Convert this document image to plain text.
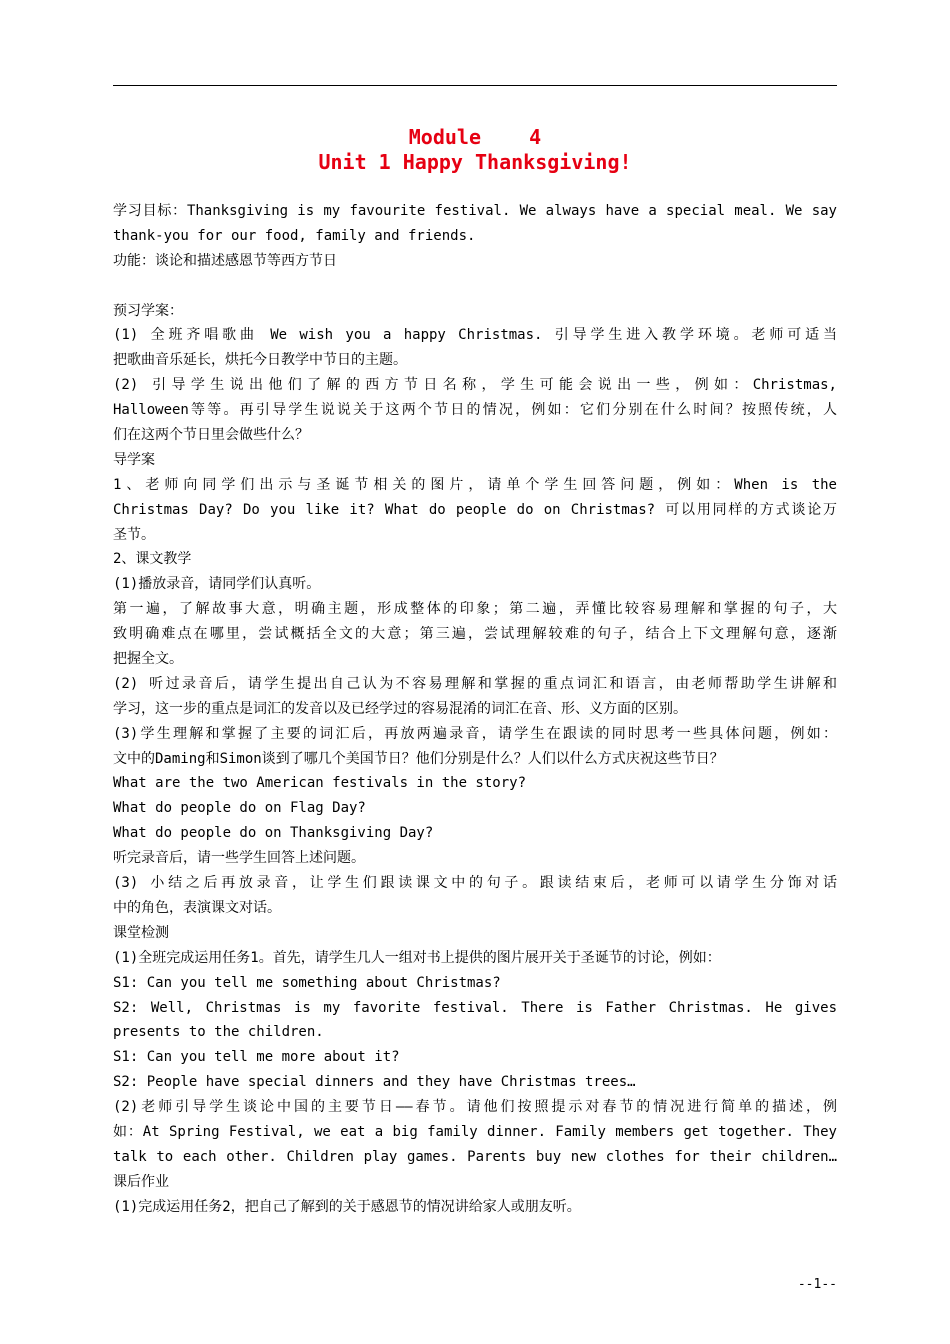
Module    4
Unit 1 Happy Thanksgiving!
学习目标：Thanksgiving is my favourite festival. We always have a special meal. We say
thank-you for our food, family and friends.
功能：谈论和描述感恩节等西方节日
预习学案：
(1) 全班齐唱歌曲 We wish you a happy Christmas. 引导学生进入教学环境。老师可适当
把歌曲音乐延长，烘托今日教学中节日的主题。
(2) 引导学生说出他们了解的西方节日名称，学生可能会说出一些，例如：Christmas,
Halloween等等。再引导学生说说关于这两个节日的情况，例如：它们分别在什么时间？按照传统，人
们在这两个节日里会做些什么？
导学案
1、老师向同学们出示与圣诞节相关的图片，请单个学生回答问题，例如：When is the
Christmas Day? Do you like it? What do people do on Christmas? 可以用同样的方式谈论万
圣节。
2、课文教学
(1)播放录音，请同学们认真听。
第一遍，了解故事大意，明确主题，形成整体的印象；第二遍，弄懂比较容易理解和掌握的句子，大
致明确难点在哪里，尝试概括全文的大意；第三遍，尝试理解较难的句子，结合上下文理解句意，逐渐
把握全文。
(2) 听过录音后，请学生提出自己认为不容易理解和掌握的重点词汇和语言，由老师帮助学生讲解和
学习，这一步的重点是词汇的发音以及已经学过的容易混淆的词汇在音、形、义方面的区别。
(3)学生理解和掌握了主要的词汇后，再放两遍录音，请学生在跟读的同时思考一些具体问题，例如：
文中的Daming和Simon谈到了哪几个美国节日？他们分别是什么？人们以什么方式庆祝这些节日？
What are the two American festivals in the story?
What do people do on Flag Day?
What do people do on Thanksgiving Day?
听完录音后，请一些学生回答上述问题。
(3) 小结之后再放录音，让学生们跟读课文中的句子。跟读结束后，老师可以请学生分饰对话
中的角色，表演课文对话。
课堂检测
(1)全班完成运用任务1。首先，请学生几人一组对书上提供的图片展开关于圣诞节的讨论，例如：
S1: Can you tell me something about Christmas?
S2: Well, Christmas is my favorite festival. There is Father Christmas. He gives
presents to the children.
S1: Can you tell me more about it?
S2: People have special dinners and they have Christmas trees…
(2)老师引导学生谈论中国的主要节日——春节。请他们按照提示对春节的情况进行简单的描述，例
如：At Spring Festival, we eat a big family dinner. Family members get together. They
talk to each other. Children play games. Parents buy new clothes for their children…
课后作业
(1)完成运用任务2，把自己了解到的关于感恩节的情况讲给家人或朋友听。
--1--
